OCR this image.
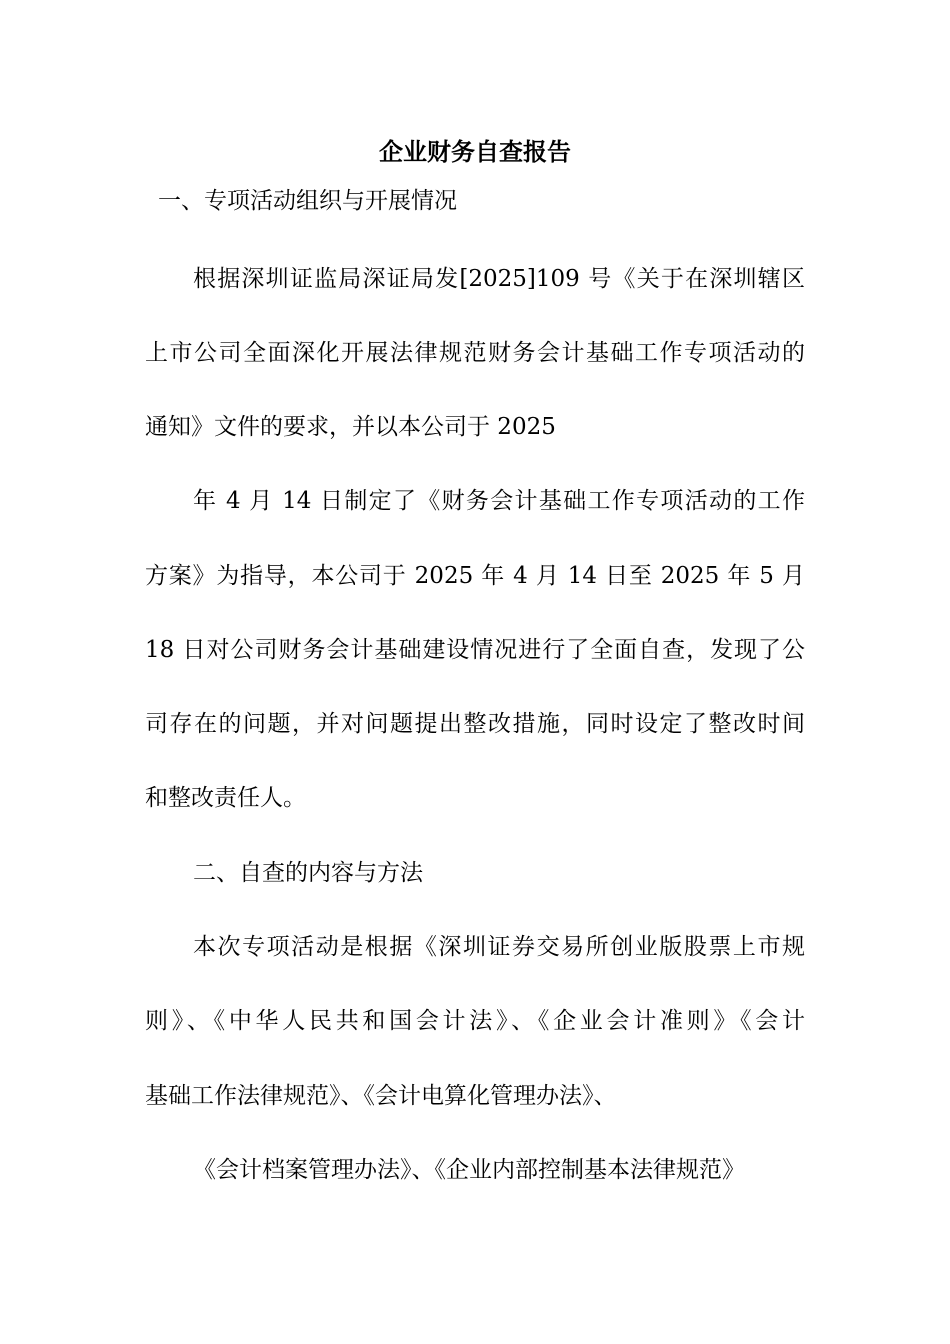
企业财务自查报告

一、专项活动组织与开展情况

根据深圳证监局深证局发[2025]109 号《关于在深圳辖区

上市公司全面深化开展法律规范财务会计基础工作专项活动的

通知》文件的要求，并以本公司于 2025

年 4 月 14 日制定了《财务会计基础工作专项活动的工作

方案》为指导，本公司于 2025 年 4 月 14 日至 2025 年 5 月

18 日对公司财务会计基础建设情况进行了全面自查，发现了公

司存在的问题，并对问题提出整改措施，同时设定了整改时间

和整改责任人。

二、自查的内容与方法

本次专项活动是根据《深圳证券交易所创业版股票上市规

则》、《中华人民共和国会计法》、《企业会计准则》《会计

基础工作法律规范》、《会计电算化管理办法》、

《会计档案管理办法》、《企业内部控制基本法律规范》
